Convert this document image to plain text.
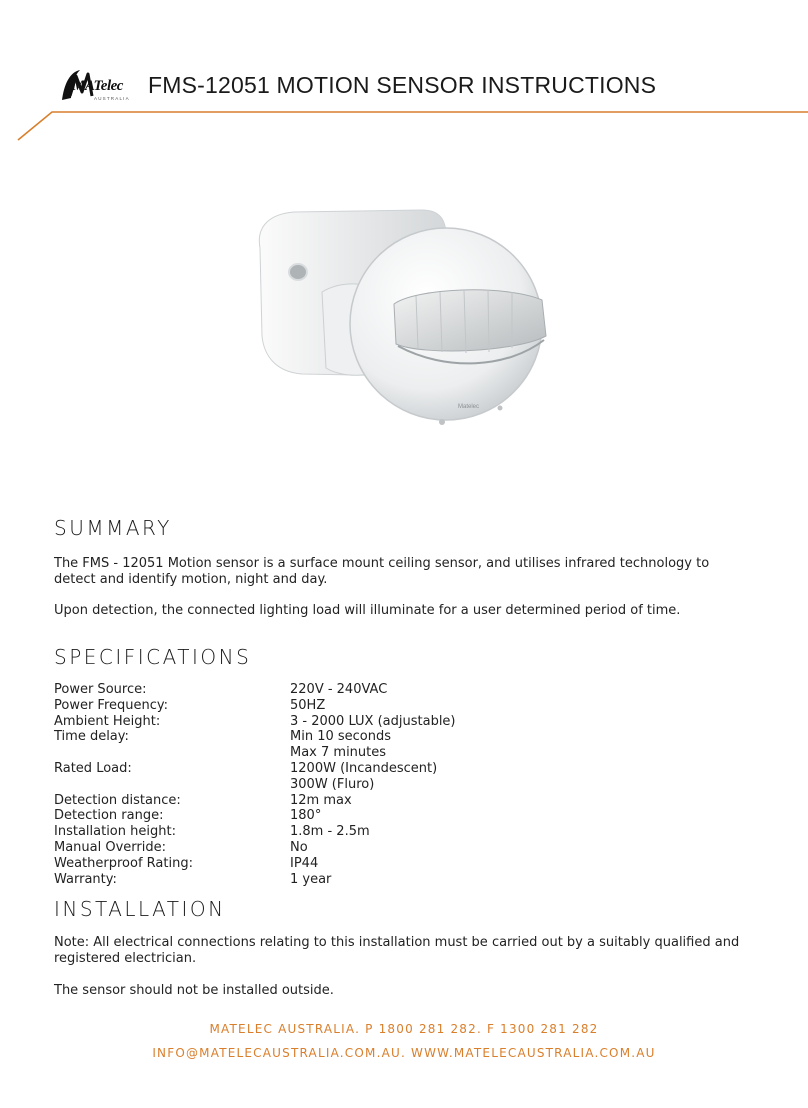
MATelec
AUSTRALIA
FMS-12051 MOTION SENSOR INSTRUCTIONS
Matelec
SUMMARY

The FMS - 12051 Motion sensor is a surface mount ceiling sensor, and utilises infrared technology to detect and identify motion, night and day.

Upon detection, the connected lighting load will illuminate for a user determined period of time.

SPECIFICATIONS
Power Source:	220V - 240VAC
Power Frequency:	50HZ
Ambient Height:	3 - 2000 LUX (adjustable)
Time delay:	Min 10 seconds
Max 7 minutes
Rated Load:	1200W (Incandescent)
300W (Fluro)
Detection distance:	12m max
Detection range:	180°
Installation height:	1.8m - 2.5m
Manual Override:	No
Weatherproof Rating:	IP44
Warranty:	1 year
INSTALLATION

Note: All electrical connections relating to this installation must be carried out by a suitably qualified and registered electrician.

The sensor should not be installed outside.

MATELEC AUSTRALIA. P 1800 281 282. F 1300 281 282
INFO@MATELECAUSTRALIA.COM.AU. WWW.MATELECAUSTRALIA.COM.AU
